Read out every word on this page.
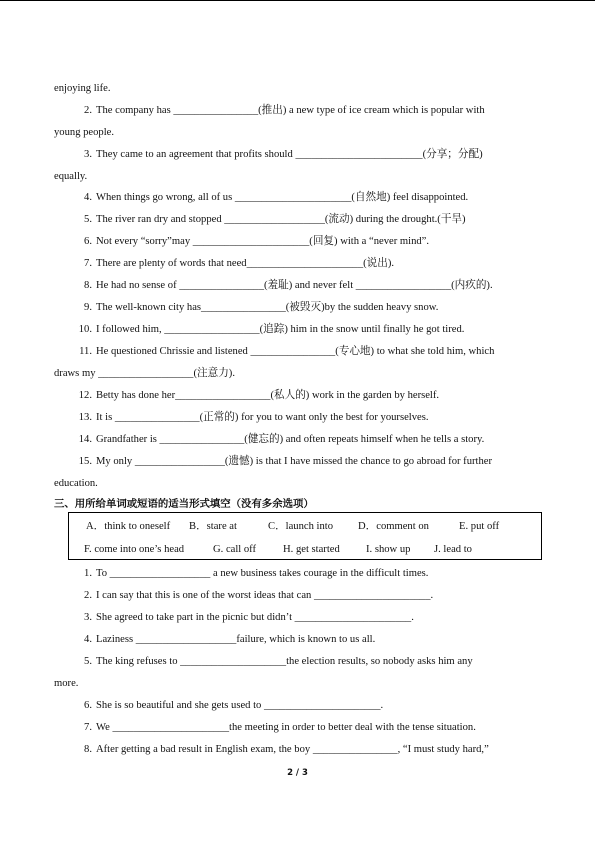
enjoying life.
2. The company has ________________(推出) a new type of ice cream which is popular with
young people.
3. They came to an agreement that profits should ________________________(分享；分配)
equally.
4. When things go wrong, all of us ______________________(自然地) feel disappointed.
5. The river ran dry and stopped ___________________(流动) during the drought.(干旱)
6. Not every “sorry”may ______________________(回复) with a “never mind”.
7. There are plenty of words that need______________________(说出).
8. He had no sense of ________________(羞耻) and never felt __________________(内疚的).
9. The well-known city has________________(被毁灭)by the sudden heavy snow.
10. I followed him, __________________(追踪) him in the snow until finally he got tired.
11. He questioned Chrissie and listened ________________(专心地) to what she told him, which
draws my __________________(注意力).
12. Betty has done her__________________(私人的) work in the garden by herself.
13. It is ________________(正常的) for you to want only the best for yourselves.
14. Grandfather is ________________(健忘的) and often repeats himself when he tells a story.
15. My only _________________(遗憾) is that I have missed the chance to go abroad for further
education.
三、用所给单词或短语的适当形式填空（没有多余选项）
A．think to oneself B．stare at	C．launch into D．comment on	E. put off
F. come into one’s head	G. call off	H. get started I. show up J. lead to
1. To ___________________ a new business takes courage in the difficult times.
2. I can say that this is one of the worst ideas that can ______________________.
3. She agreed to take part in the picnic but didn’t ______________________.
4. Laziness ___________________failure, which is known to us all.
5. The king refuses to ____________________the election results, so nobody asks him any
more.
6. She is so beautiful and she gets used to ______________________.
7. We ______________________the meeting in order to better deal with the tense situation.
8. After getting a bad result in English exam, the boy ________________, “I must study hard,”
2 / 3
